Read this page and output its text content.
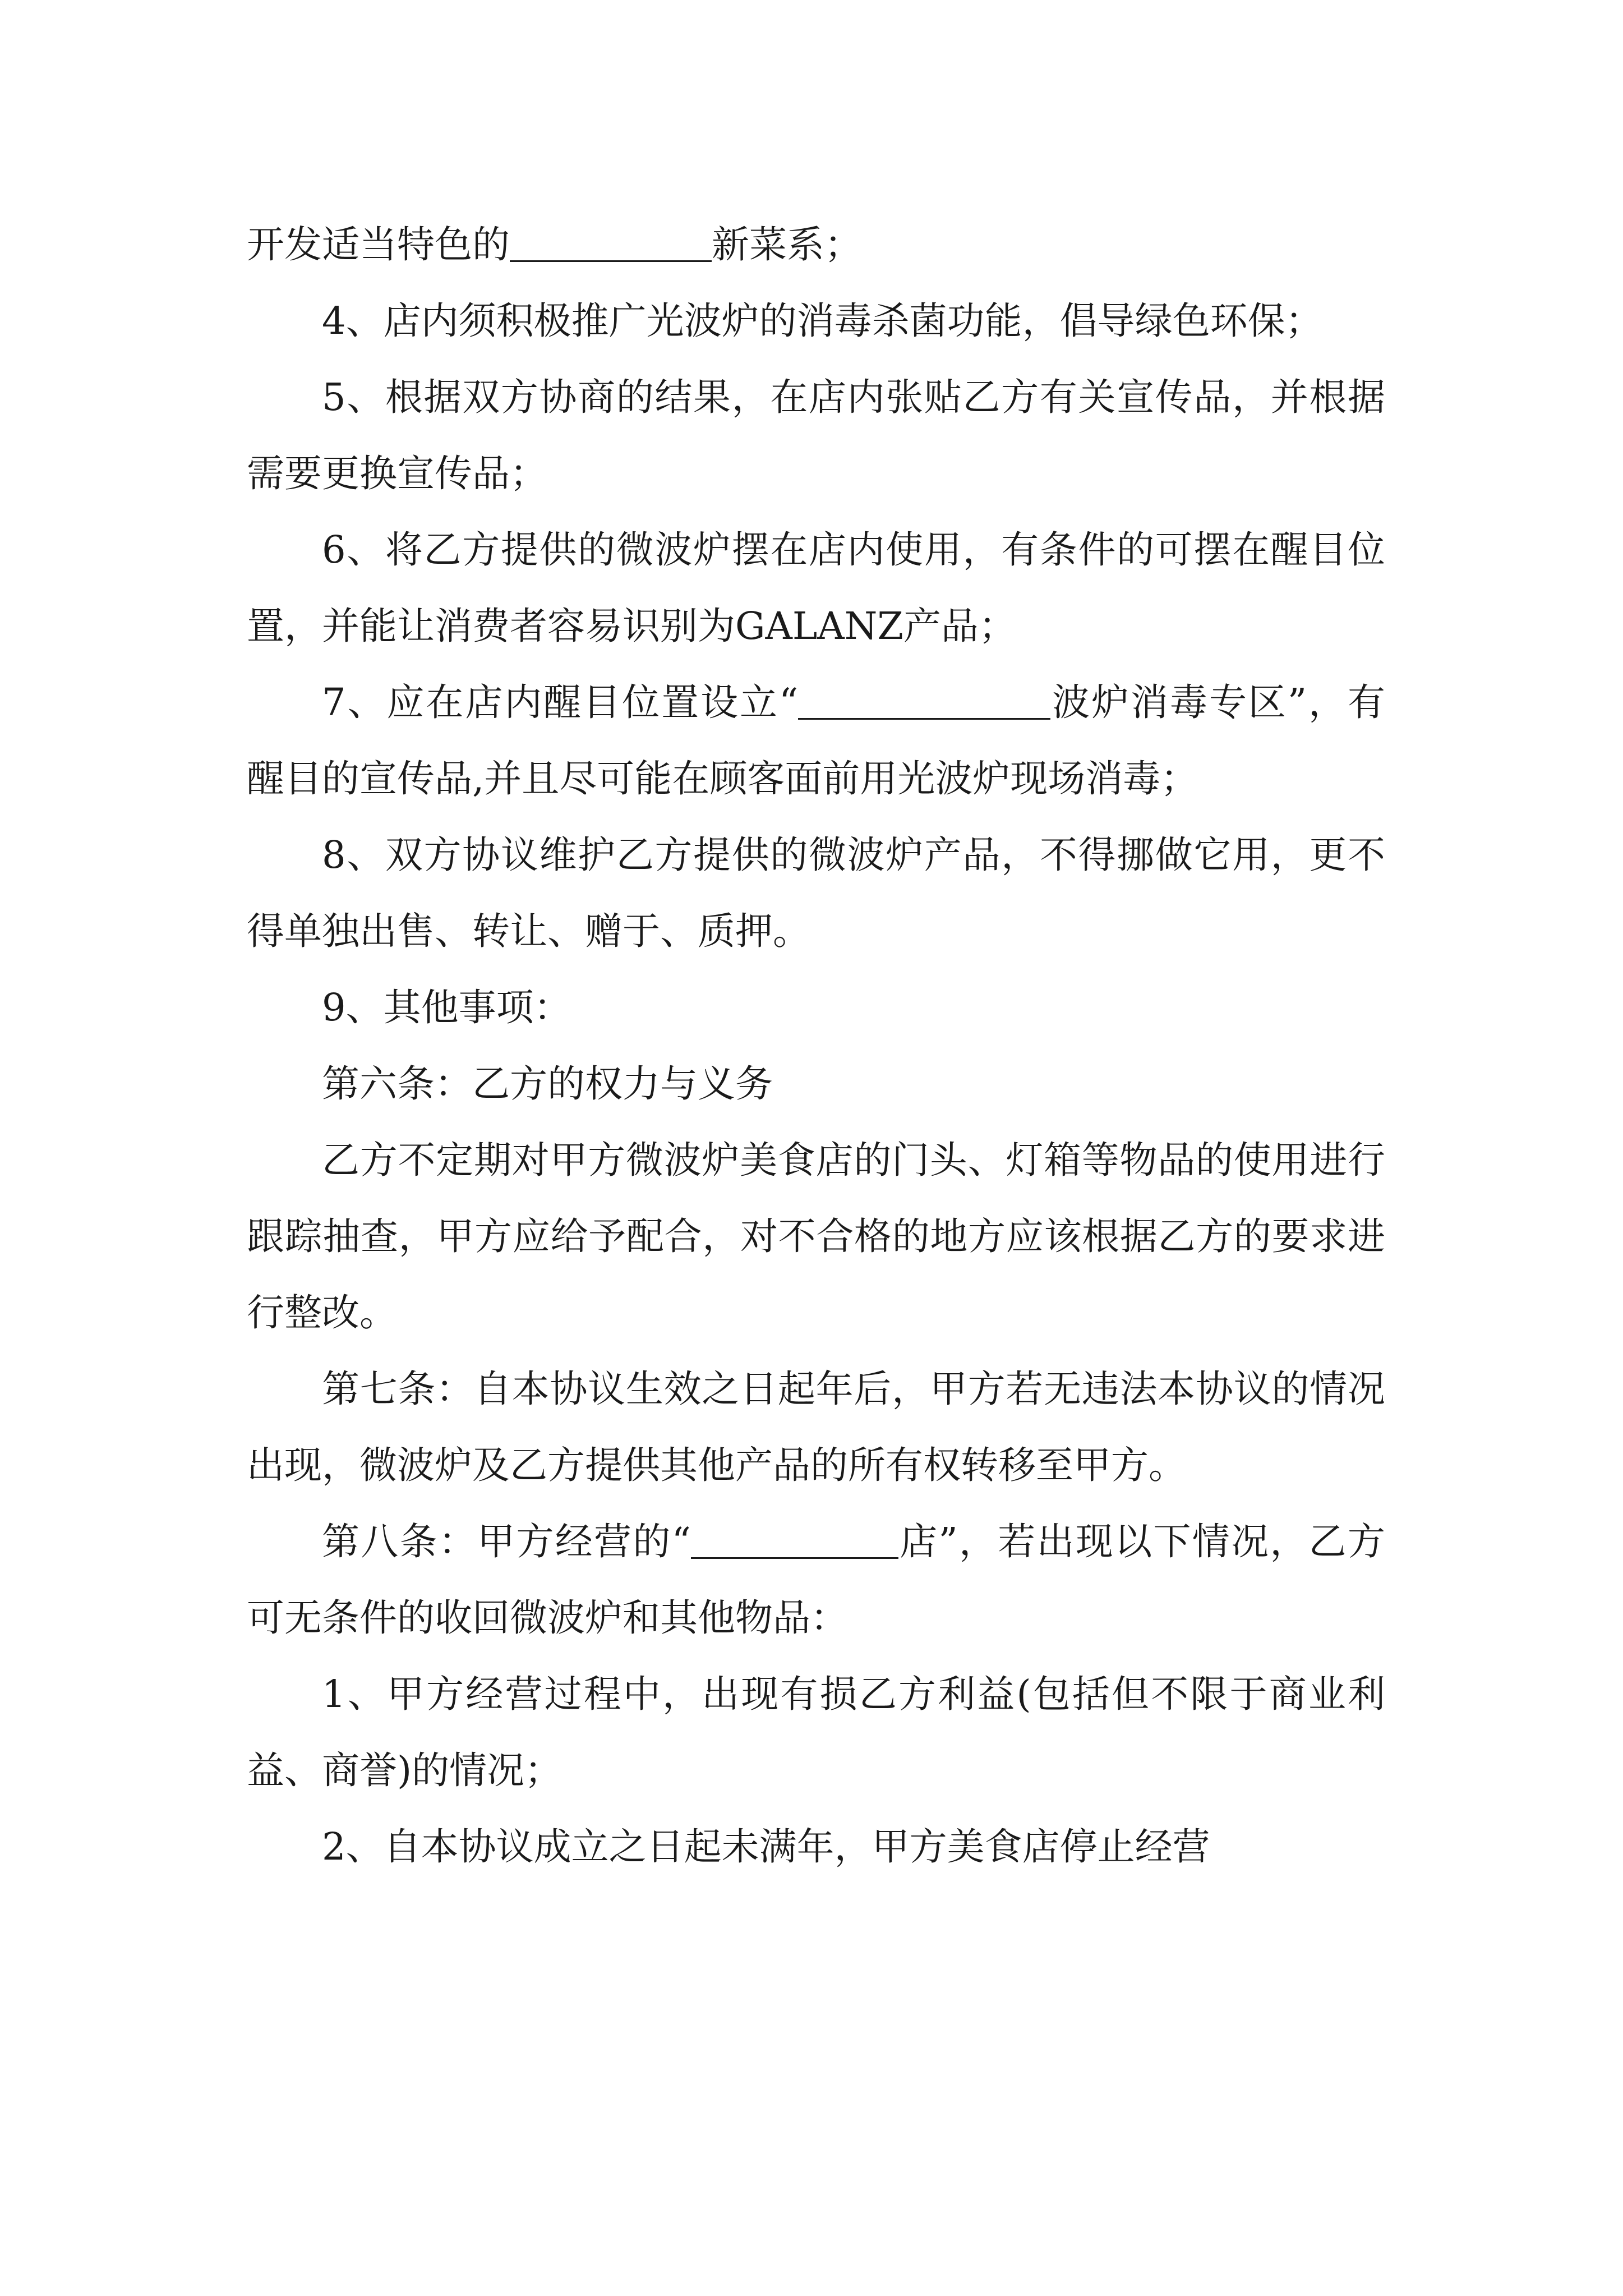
开发适当特色的	新菜系；

4、店内须积极推广光波炉的消毒杀菌功能，倡导绿色环保；

5、根据双方协商的结果，在店内张贴乙方有关宣传品，并根据需要更换宣传品；

6、将乙方提供的微波炉摆在店内使用，有条件的可摆在醒目位置，并能让消费者容易识别为GALANZ产品；

7、应在店内醒目位置设立“	波炉消毒专区”，有醒目的宣传品,并且尽可能在顾客面前用光波炉现场消毒；

8、双方协议维护乙方提供的微波炉产品，不得挪做它用，更不得单独出售、转让、赠于、质押。

9、其他事项：

第六条：乙方的权力与义务

乙方不定期对甲方微波炉美食店的门头、灯箱等物品的使用进行跟踪抽查，甲方应给予配合，对不合格的地方应该根据乙方的要求进行整改。

第七条：自本协议生效之日起年后，甲方若无违法本协议的情况出现，微波炉及乙方提供其他产品的所有权转移至甲方。

第八条：甲方经营的“	店”，若出现以下情况，乙方可无条件的收回微波炉和其他物品：

1、甲方经营过程中，出现有损乙方利益(包括但不限于商业利益、商誉)的情况；

2、自本协议成立之日起未满年，甲方美食店停止经营
